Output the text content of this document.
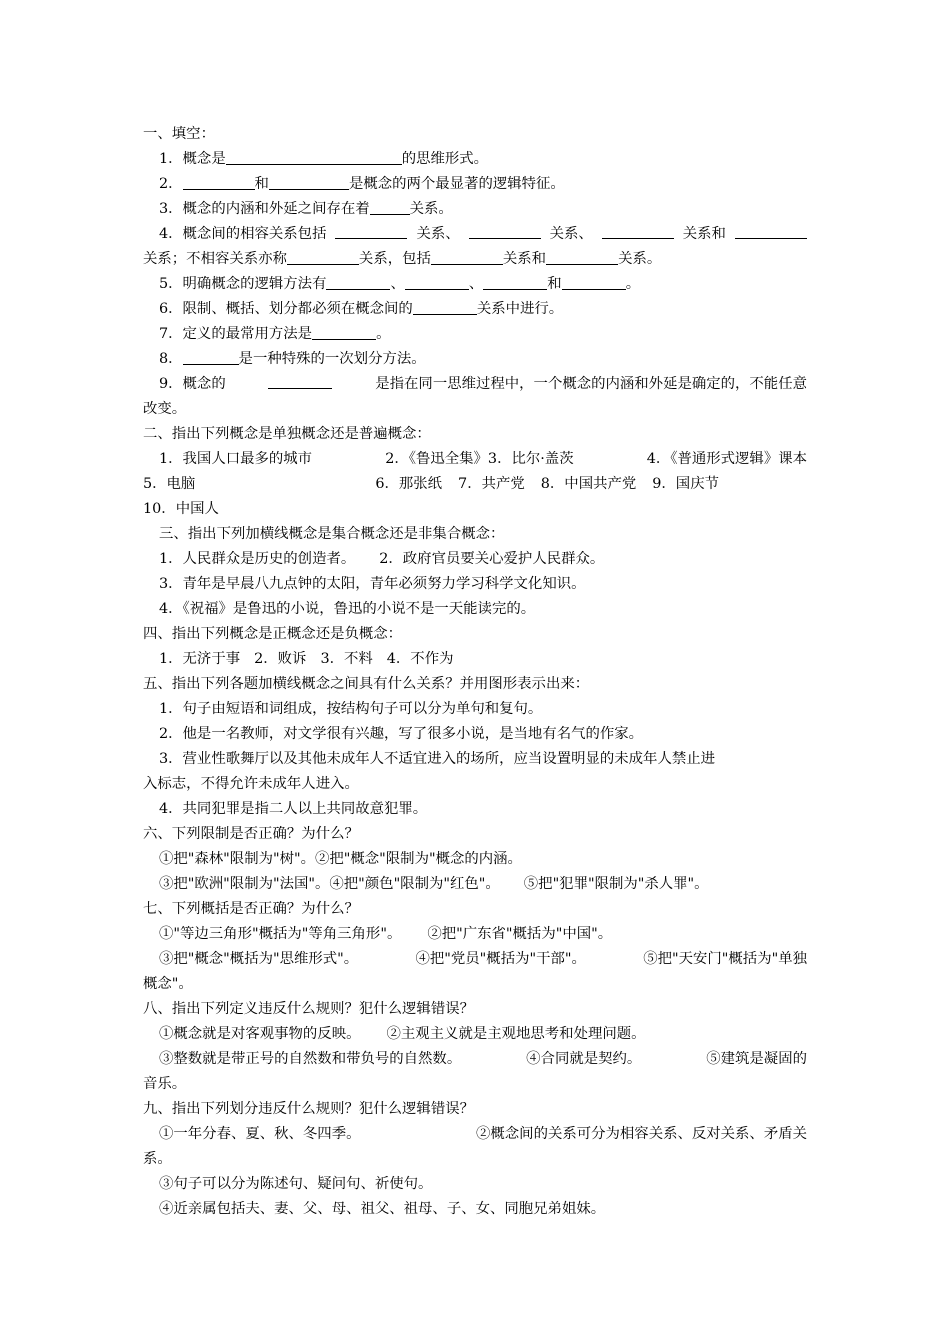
一、填空：
1．概念是	的思维形式。
2．	和	是概念的两个最显著的逻辑特征。
3．概念的内涵和外延之间存在着	关系。
4．概念间的相容关系包括	关系、	关系、	关系和
关系；不相容关系亦称	关系，包括	关系和	关系。
5．明确概念的逻辑方法有	、	、	和	。
6．限制、概括、划分都必须在概念间的	关系中进行。
7．定义的最常用方法是	。
8．	是一种特殊的一次划分方法。
9．概念的	是指在同一思维过程中，一个概念的内涵和外延是确定的，不能任意
改变。
二、指出下列概念是单独概念还是普遍概念：
1．我国人口最多的城市	2．《鲁迅全集》3．比尔·盖茨	4．《普通形式逻辑》课本
5．电脑	6．那张纸 7．共产党 8．中国共产党 9．国庆节
10．中国人
三、指出下列加横线概念是集合概念还是非集合概念：
1．人民群众是历史的创造者。 2．政府官员要关心爱护人民群众。
3．青年是早晨八九点钟的太阳，青年必须努力学习科学文化知识。
4．《祝福》是鲁迅的小说，鲁迅的小说不是一天能读完的。
四、指出下列概念是正概念还是负概念：
1．无济于事 2．败诉 3．不料 4．不作为
五、指出下列各题加横线概念之间具有什么关系？并用图形表示出来：
1．句子由短语和词组成，按结构句子可以分为单句和复句。
2．他是一名教师，对文学很有兴趣，写了很多小说，是当地有名气的作家。
3．营业性歌舞厅以及其他未成年人不适宜进入的场所，应当设置明显的未成年人禁止进
入标志，不得允许未成年人进入。
4．共同犯罪是指二人以上共同故意犯罪。
六、下列限制是否正确？为什么？
①把"森林"限制为"树"。②把"概念"限制为"概念的内涵。
③把"欧洲"限制为"法国"。④把"颜色"限制为"红色"。 ⑤把"犯罪"限制为"杀人罪"。
七、下列概括是否正确？为什么？
①"等边三角形"概括为"等角三角形"。 ②把"广东省"概括为"中国"。
③把"概念"概括为"思维形式"。	④把"党员"概括为"干部"。	⑤把"天安门"概括为"单独
概念"。
八、指出下列定义违反什么规则？犯什么逻辑错误？
①概念就是对客观事物的反映。 ②主观主义就是主观地思考和处理问题。
③整数就是带正号的自然数和带负号的自然数。	④合同就是契约。	⑤建筑是凝固的
音乐。
九、指出下列划分违反什么规则？犯什么逻辑错误？
①一年分春、夏、秋、冬四季。	②概念间的关系可分为相容关系、反对关系、矛盾关
系。
③句子可以分为陈述句、疑问句、祈使句。
④近亲属包括夫、妻、父、母、祖父、祖母、子、女、同胞兄弟姐妹。
